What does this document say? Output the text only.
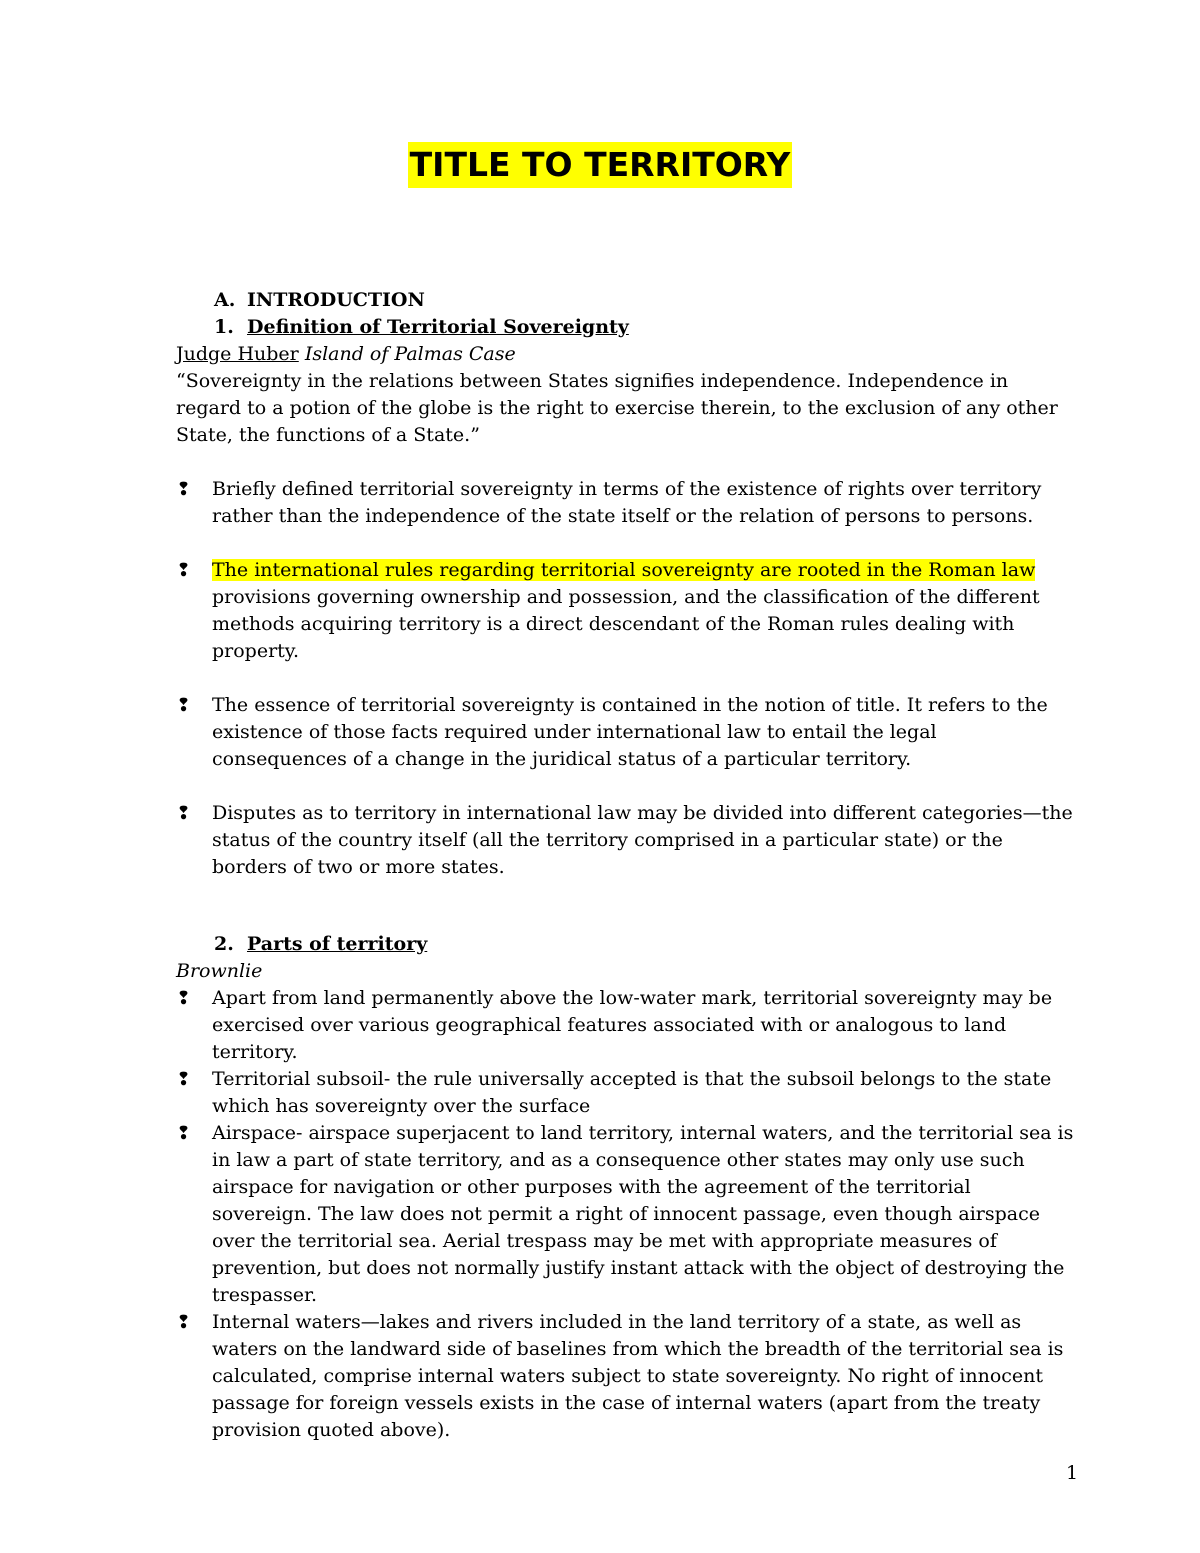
TITLE TO TERRITORY
A. INTRODUCTION
1. Definition of Territorial Sovereignty
Judge Huber Island of Palmas Case
“Sovereignty in the relations between States signifies independence. Independence in regard to a potion of the globe is the right to exercise therein, to the exclusion of any other State, the functions of a State.”
❢ Briefly defined territorial sovereignty in terms of the existence of rights over territory rather than the independence of the state itself or the relation of persons to persons.
❢ The international rules regarding territorial sovereignty are rooted in the Roman law provisions governing ownership and possession, and the classification of the different methods acquiring territory is a direct descendant of the Roman rules dealing with property.
❢ The essence of territorial sovereignty is contained in the notion of title. It refers to the existence of those facts required under international law to entail the legal consequences of a change in the juridical status of a particular territory.
❢ Disputes as to territory in international law may be divided into different categories—the status of the country itself (all the territory comprised in a particular state) or the borders of two or more states.
2. Parts of territory
Brownlie
❢ Apart from land permanently above the low-water mark, territorial sovereignty may be exercised over various geographical features associated with or analogous to land territory.
❢ Territorial subsoil- the rule universally accepted is that the subsoil belongs to the state which has sovereignty over the surface
❢ Airspace- airspace superjacent to land territory, internal waters, and the territorial sea is in law a part of state territory, and as a consequence other states may only use such airspace for navigation or other purposes with the agreement of the territorial sovereign. The law does not permit a right of innocent passage, even though airspace over the territorial sea. Aerial trespass may be met with appropriate measures of prevention, but does not normally justify instant attack with the object of destroying the trespasser.
❢ Internal waters—lakes and rivers included in the land territory of a state, as well as waters on the landward side of baselines from which the breadth of the territorial sea is calculated, comprise internal waters subject to state sovereignty. No right of innocent passage for foreign vessels exists in the case of internal waters (apart from the treaty provision quoted above).
1
